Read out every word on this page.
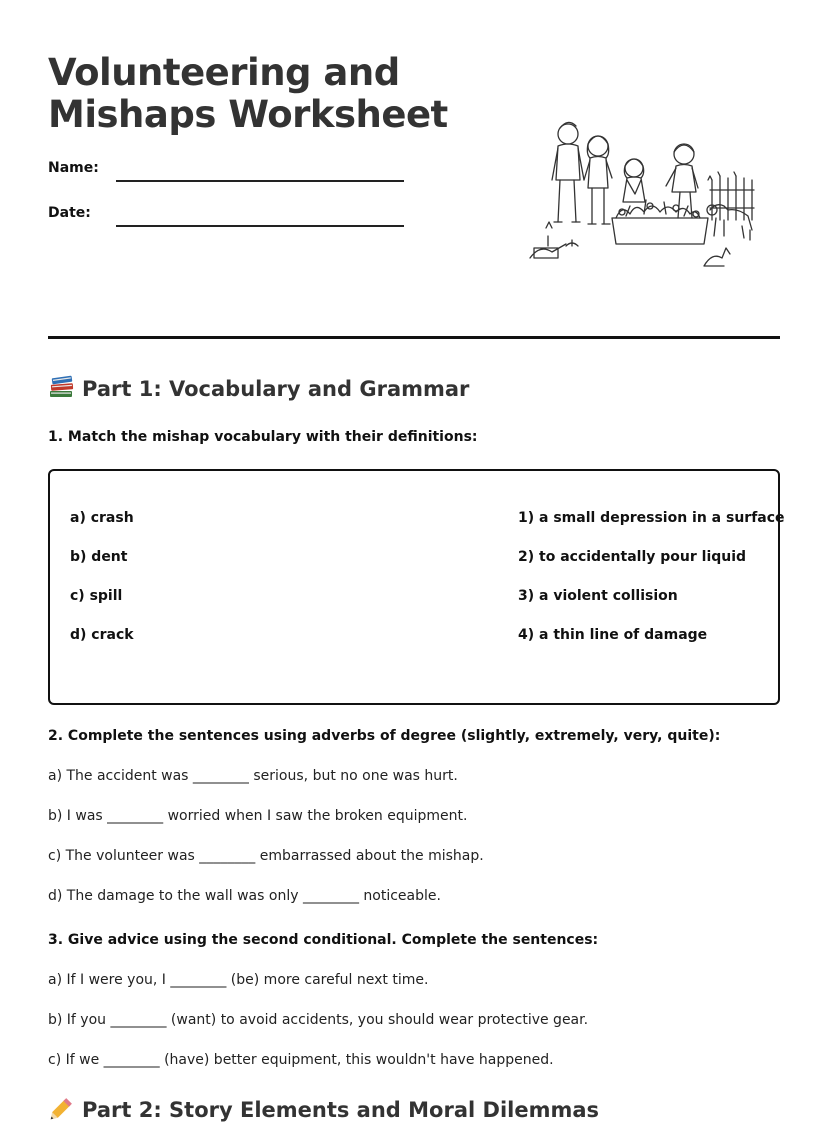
Volunteering and
Mishaps Worksheet
Name:
Date:
Part 1: Vocabulary and Grammar

1. Match the mishap vocabulary with their definitions:

a) crash
b) dent
c) spill
d) crack
1) a small depression in a surface
2) to accidentally pour liquid
3) a violent collision
4) a thin line of damage

2. Complete the sentences using adverbs of degree (slightly, extremely, very, quite):

a) The accident was ________ serious, but no one was hurt.

b) I was ________ worried when I saw the broken equipment.

c) The volunteer was ________ embarrassed about the mishap.

d) The damage to the wall was only ________ noticeable.

3. Give advice using the second conditional. Complete the sentences:

a) If I were you, I ________ (be) more careful next time.

b) If you ________ (want) to avoid accidents, you should wear protective gear.

c) If we ________ (have) better equipment, this wouldn't have happened.

Part 2: Story Elements and Moral Dilemmas
